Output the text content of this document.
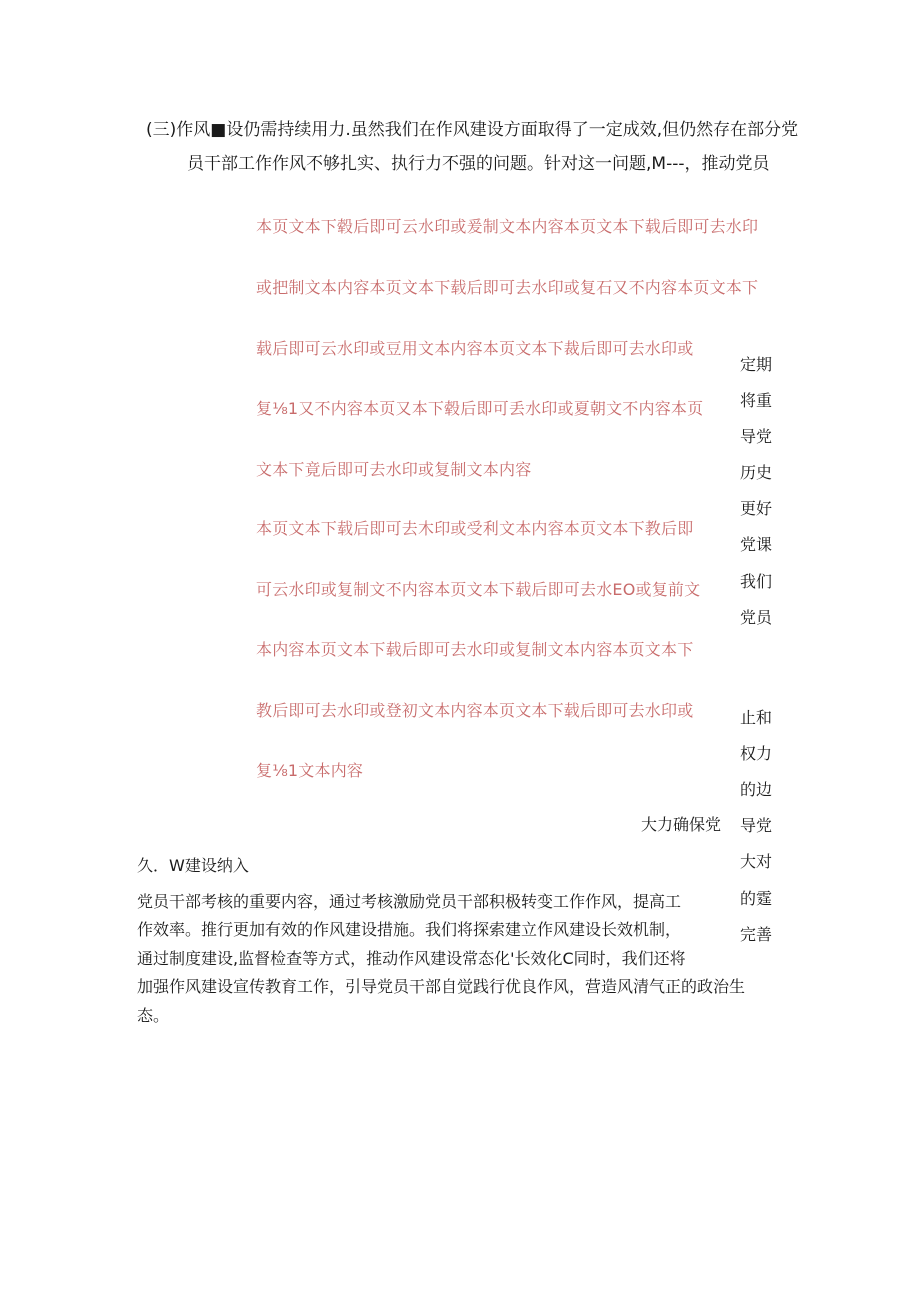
(三)作风■设仍需持续用力.虽然我们在作风建设方面取得了一定成效,但仍然存在部分党
员干部工作作风不够扎实、执行力不强的问题。针对这一问题,M---，推动党员
本页文本下毂后即可云水印或爰制文本内容本页文本下载后即可去水印
或把制文本内容本页文本下载后即可去水印或复石又不内容本页文本下
载后即可云水印或豆用文本内容本页文本下裁后即可去水印或
复⅛1又不内容本页又本下毂后即可丢水印或夏朝文不内容本页
文本下竟后即可去水印或复制文本内容
本页文本下载后即可去木印或受利文本内容本页文本下教后即
可云水印或复制文不内容本页文本下载后即可去水EO或复前文
本内容本页文本下载后即可去水印或复制文本内容本页文本下
教后即可去水印或登初文本内容本页文本下载后即可去水印或
复⅛1文本内容
定期
将重
导党
历史
更好
党课
我们
党员
止和
权力
的边
导党
大对
的霆
完善
大力确保党
久．W建设纳入
党员干部考核的重要内容，通过考核激励党员干部积极转变工作作风，提高工
作效率。推行更加有效的作风建设措施。我们将探索建立作风建设长效机制，
通过制度建设,监督检查等方式，推动作风建设常态化'长效化C同时，我们还将
加强作风建设宣传教育工作，引导党员干部自觉践行优良作风，营造风清气正的政治生
态。
